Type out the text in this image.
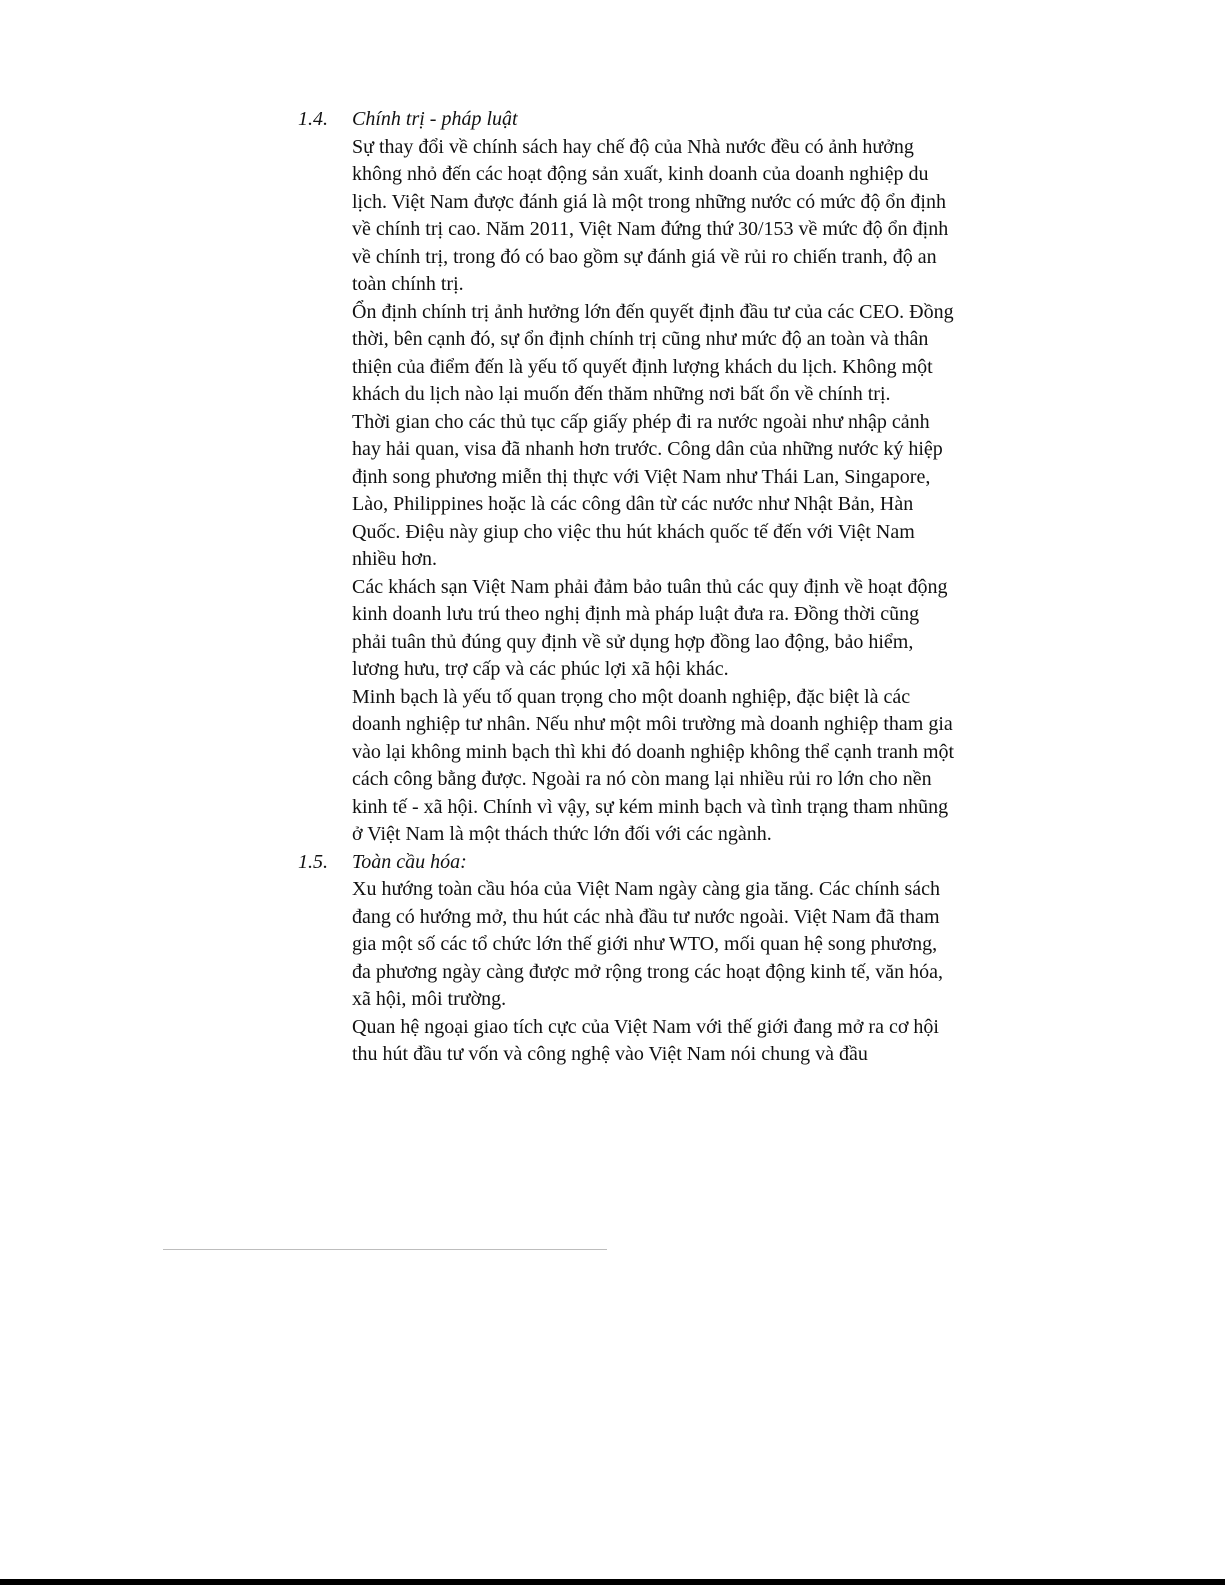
1.4.	Chính trị - pháp luật

Sự thay đổi về chính sách hay chế độ của Nhà nước đều có ảnh hưởng không nhỏ đến các hoạt động sản xuất, kinh doanh của doanh nghiệp du lịch. Việt Nam được đánh giá là một trong những nước có mức độ ổn định về chính trị cao. Năm 2011, Việt Nam đứng thứ 30/153 về mức độ ổn định về chính trị, trong đó có bao gồm sự đánh giá về rủi ro chiến tranh, độ an toàn chính trị.

Ổn định chính trị ảnh hưởng lớn đến quyết định đầu tư của các CEO. Đồng thời, bên cạnh đó, sự ổn định chính trị cũng như mức độ an toàn và thân thiện của điểm đến là yếu tố quyết định lượng khách du lịch. Không một khách du lịch nào lại muốn đến thăm những nơi bất ổn về chính trị.

Thời gian cho các thủ tục cấp giấy phép đi ra nước ngoài như nhập cảnh hay hải quan, visa đã nhanh hơn trước. Công dân của những nước ký hiệp định song phương miễn thị thực với Việt Nam như Thái Lan, Singapore, Lào, Philippines hoặc là các công dân từ các nước như Nhật Bản, Hàn Quốc. Điệu này giup cho việc thu hút khách quốc tế đến với Việt Nam nhiều hơn.

Các khách sạn Việt Nam phải đảm bảo tuân thủ các quy định về hoạt động kinh doanh lưu trú theo nghị định mà pháp luật đưa ra. Đồng thời cũng phải tuân thủ đúng quy định về sử dụng hợp đồng lao động, bảo hiểm, lương hưu, trợ cấp và các phúc lợi xã hội khác.

Minh bạch là yếu tố quan trọng cho một doanh nghiệp, đặc biệt là các doanh nghiệp tư nhân. Nếu như một môi trường mà doanh nghiệp tham gia vào lại không minh bạch thì khi đó doanh nghiệp không thể cạnh tranh một cách công bằng được. Ngoài ra nó còn mang lại nhiều rủi ro lớn cho nền kinh tế - xã hội. Chính vì vậy, sự kém minh bạch và tình trạng tham nhũng ở Việt Nam là một thách thức lớn đối với các ngành.

1.5.	Toàn cầu hóa:

Xu hướng toàn cầu hóa của Việt Nam ngày càng gia tăng. Các chính sách đang có hướng mở, thu hút các nhà đầu tư nước ngoài. Việt Nam đã tham gia một số các tổ chức lớn thế giới như WTO, mối quan hệ song phương, đa phương ngày càng được mở rộng trong các hoạt động kinh tế, văn hóa, xã hội, môi trường.

Quan hệ ngoại giao tích cực của Việt Nam với thế giới đang mở ra cơ hội thu hút đầu tư vốn và công nghệ vào Việt Nam nói chung và đầu
